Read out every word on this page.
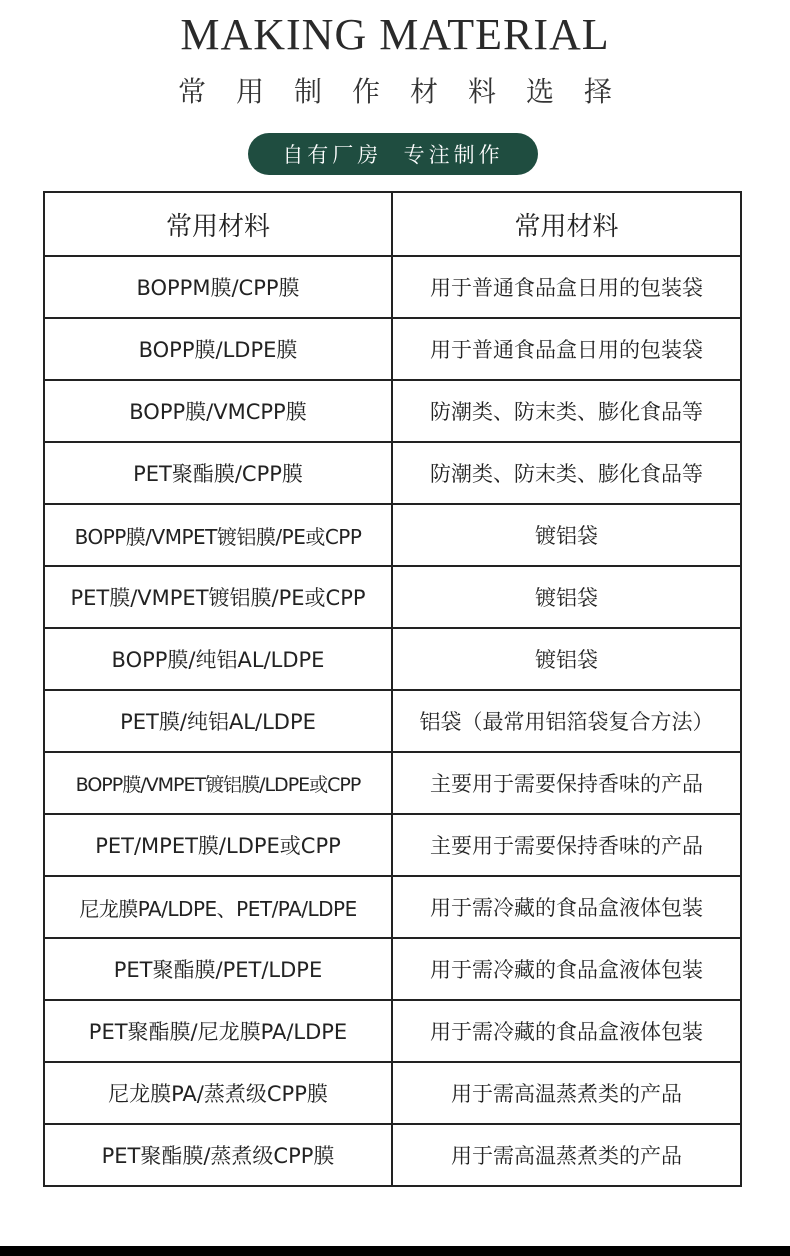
MAKING MATERIAL
常用制作材料选择
自有厂房  专注制作
常用材料	常用材料
BOPPM膜/CPP膜	用于普通食品盒日用的包装袋
BOPP膜/LDPE膜	用于普通食品盒日用的包装袋
BOPP膜/VMCPP膜	防潮类、防末类、膨化食品等
PET聚酯膜/CPP膜	防潮类、防末类、膨化食品等
BOPP膜/VMPET镀铝膜/PE或CPP	镀铝袋
PET膜/VMPET镀铝膜/PE或CPP	镀铝袋
BOPP膜/纯铝AL/LDPE	镀铝袋
PET膜/纯铝AL/LDPE	铝袋（最常用铝箔袋复合方法）
BOPP膜/VMPET镀铝膜/LDPE或CPP	主要用于需要保持香味的产品
PET/MPET膜/LDPE或CPP	主要用于需要保持香味的产品
尼龙膜PA/LDPE、PET/PA/LDPE	用于需冷藏的食品盒液体包装
PET聚酯膜/PET/LDPE	用于需冷藏的食品盒液体包装
PET聚酯膜/尼龙膜PA/LDPE	用于需冷藏的食品盒液体包装
尼龙膜PA/蒸煮级CPP膜	用于需高温蒸煮类的产品
PET聚酯膜/蒸煮级CPP膜	用于需高温蒸煮类的产品
